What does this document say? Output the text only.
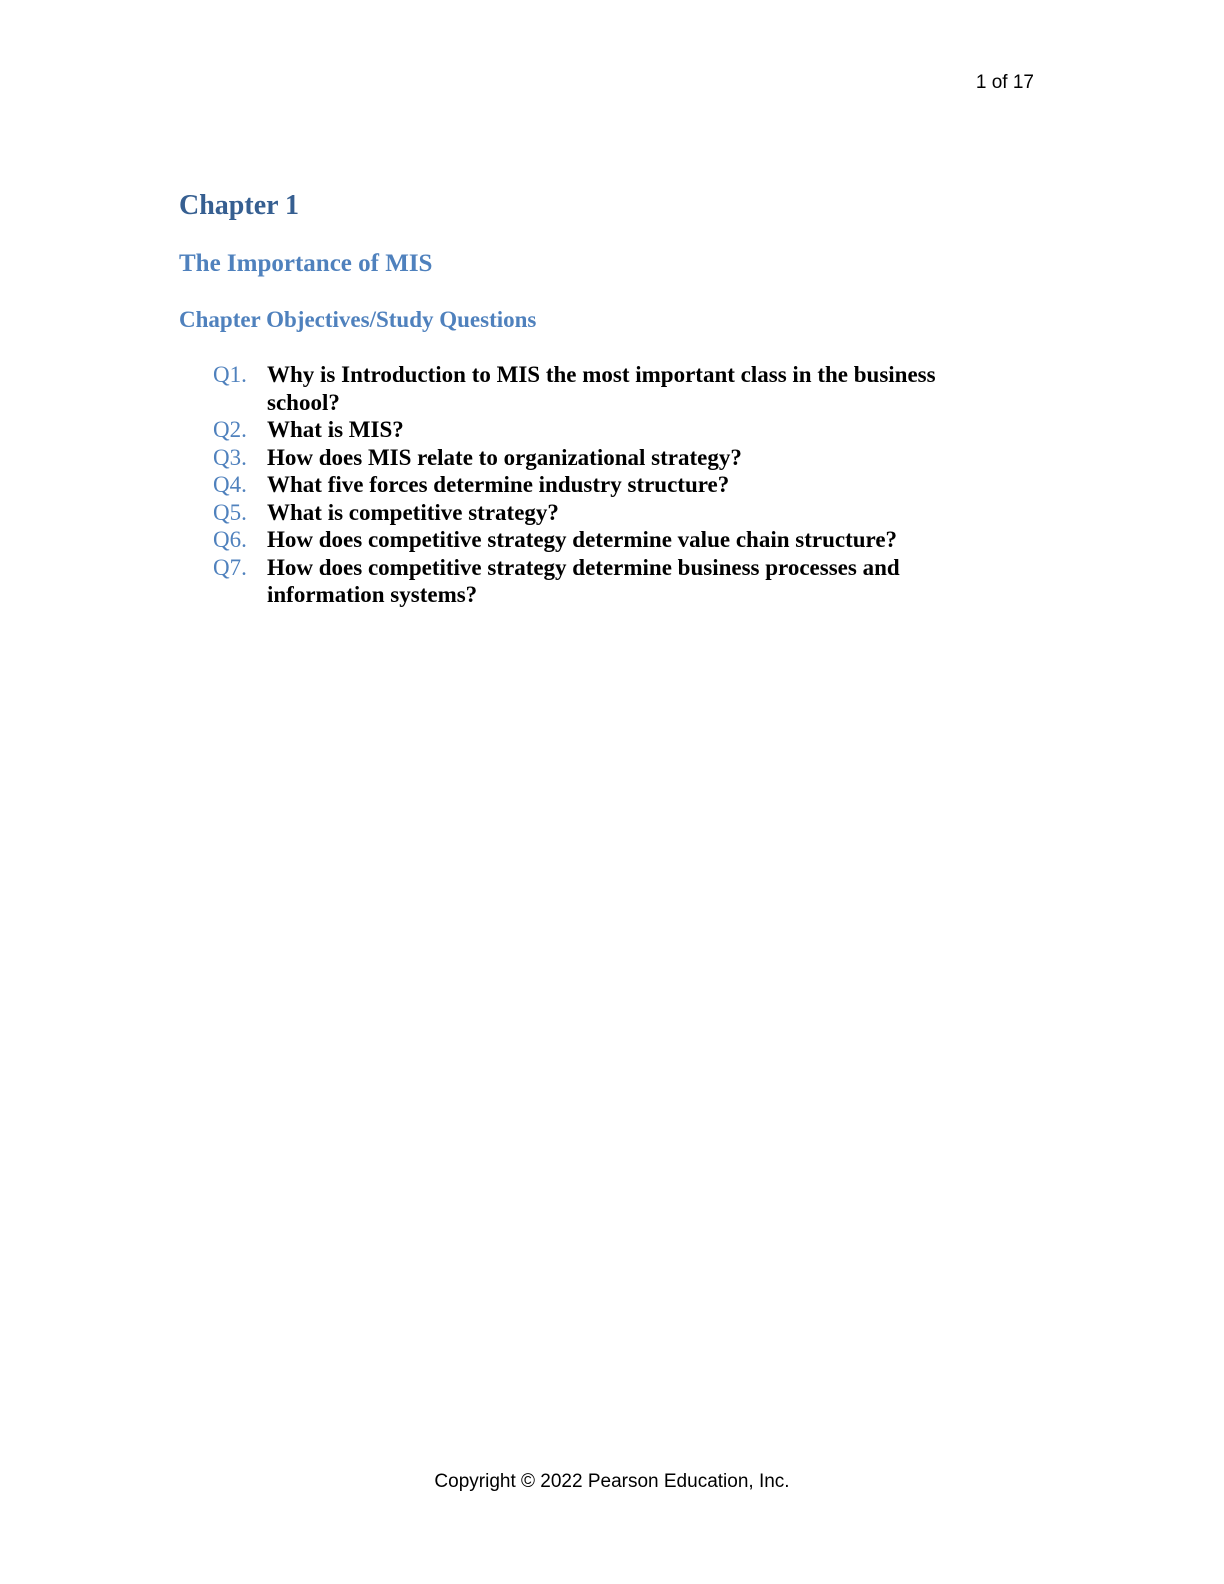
1 of 17
Chapter 1
The Importance of MIS
Chapter Objectives/Study Questions
Q1. Why is Introduction to MIS the most important class in the business school?
Q2. What is MIS?
Q3. How does MIS relate to organizational strategy?
Q4. What five forces determine industry structure?
Q5. What is competitive strategy?
Q6. How does competitive strategy determine value chain structure?
Q7. How does competitive strategy determine business processes and information systems?
Copyright © 2022 Pearson Education, Inc.
